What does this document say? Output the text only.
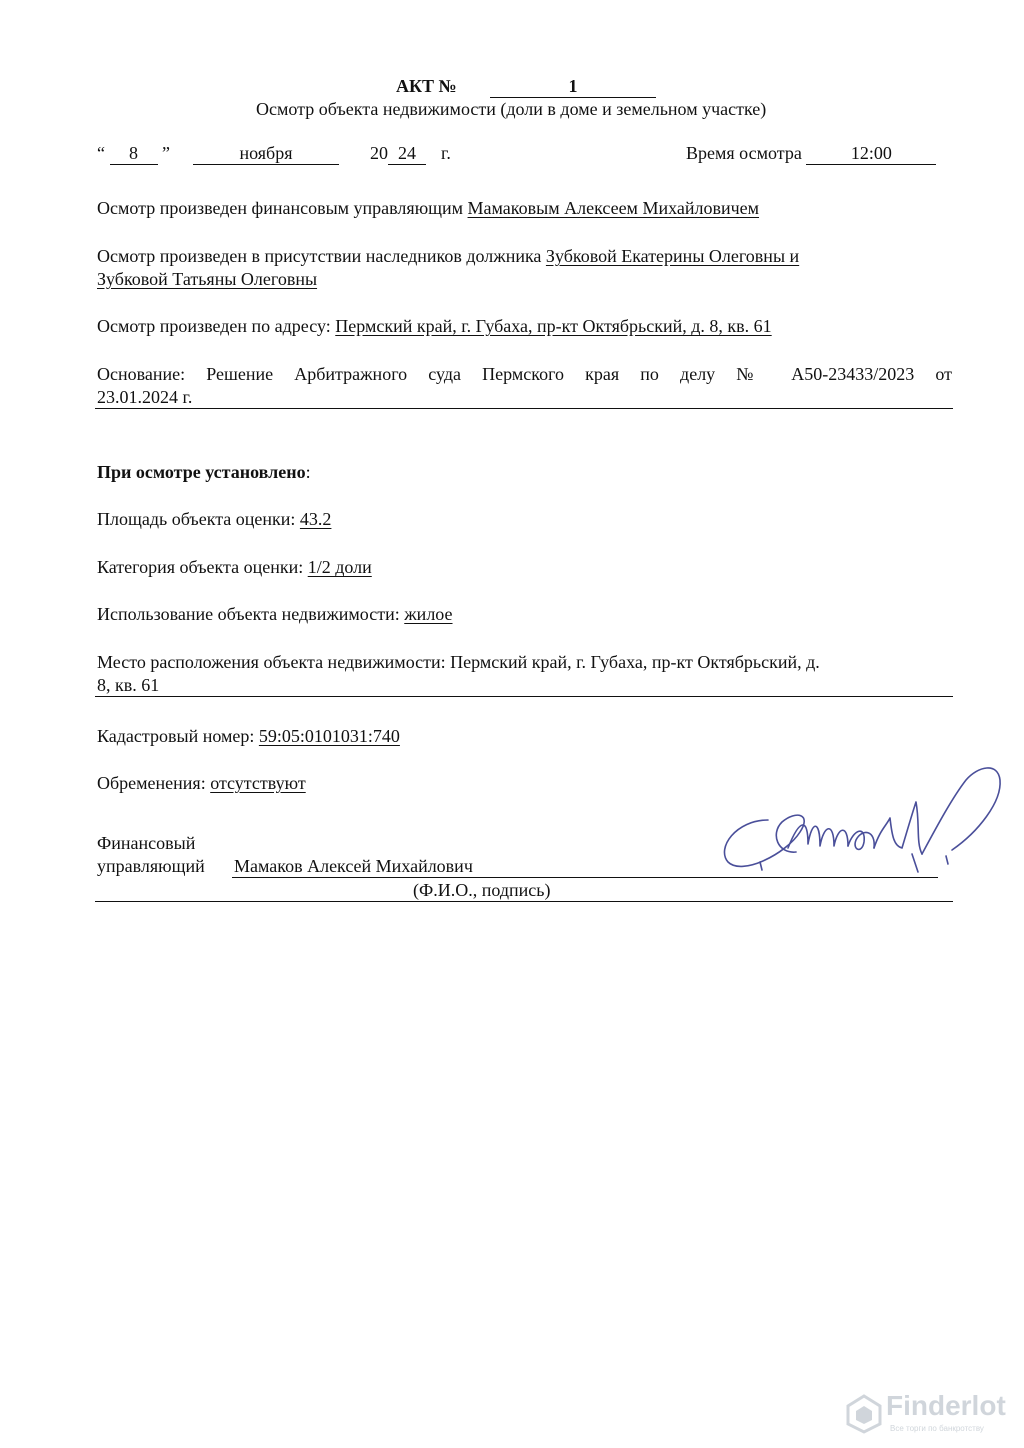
АКТ №	1
Осмотр объекта недвижимости (доли в доме и земельном участке)
“ 8 ”	ноября	20 24 г.	Время осмотра	12:00
Осмотр произведен финансовым управляющим Мамаковым Алексеем Михайловичем
Осмотр произведен в присутствии наследников должника Зубковой Екатерины Олеговны и
Зубковой Татьяны Олеговны
Осмотр произведен по адресу: Пермский край, г. Губаха, пр-кт Октябрьский, д. 8, кв. 61
Основание: Решение Арбитражного суда Пермского края по делу № А50-23433/2023 от
23.01.2024 г.
При осмотре установлено:
Площадь объекта оценки: 43.2
Категория объекта оценки: 1/2 доли
Использование объекта недвижимости: жилое
Место расположения объекта недвижимости: Пермский край, г. Губаха, пр-кт Октябрьский, д.
8, кв. 61
Кадастровый номер: 59:05:0101031:740
Обременения: отсутствуют
Финансовый
управляющий Мамаков Алексей Михайлович
(Ф.И.О., подпись)
Finderlot
Все торги по банкротству
